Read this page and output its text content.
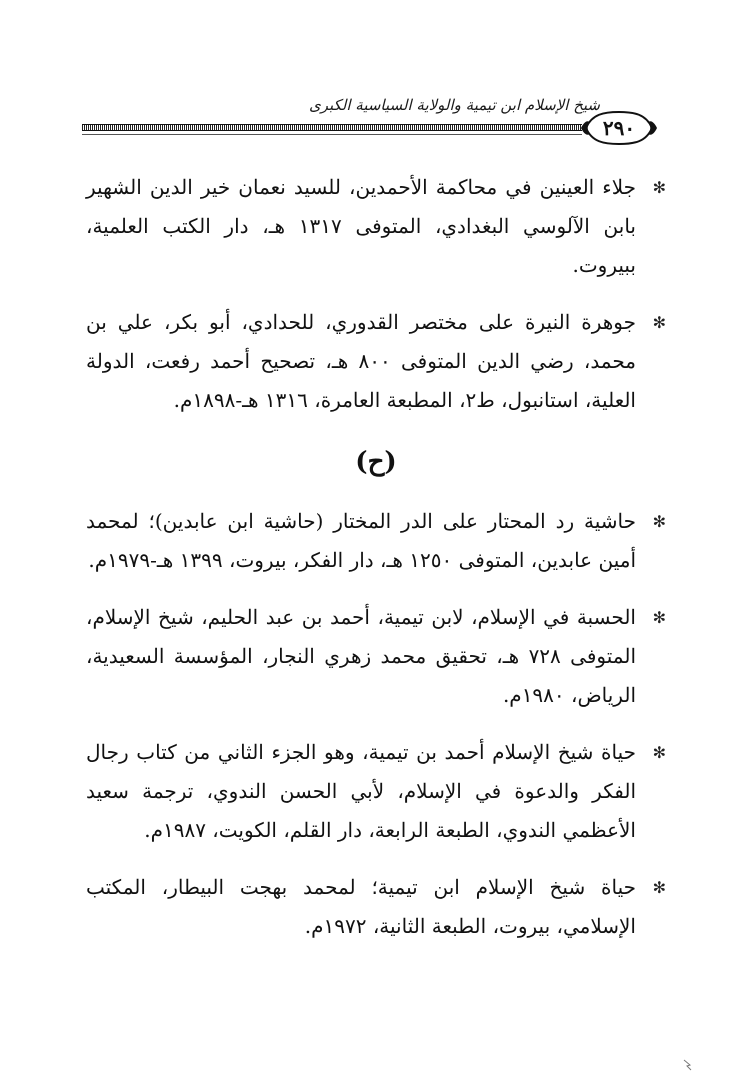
شيخ الإسلام ابن تيمية والولاية السياسية الكبرى
٢٩٠
✻
جلاء العينين في محاكمة الأحمدين، للسيد نعمان خير الدين الشهير بابن الآلوسي البغدادي، المتوفى ١٣١٧ هـ، دار الكتب العلمية، ببيروت.
✻
جوهرة النيرة على مختصر القدوري، للحدادي، أبو بكر، علي بن محمد، رضي الدين المتوفى ٨٠٠ هـ، تصحيح أحمد رفعت، الدولة العلية، استانبول، ط٢، المطبعة العامرة، ١٣١٦ هـ-١٨٩٨م.
(ح)
✻
حاشية رد المحتار على الدر المختار (حاشية ابن عابدين)؛ لمحمد أمين عابدين، المتوفى ١٢٥٠ هـ، دار الفكر، بيروت، ١٣٩٩ هـ-١٩٧٩م.
✻
الحسبة في الإسلام، لابن تيمية، أحمد بن عبد الحليم، شيخ الإسلام، المتوفى ٧٢٨ هـ، تحقيق محمد زهري النجار، المؤسسة السعيدية، الرياض، ١٩٨٠م.
✻
حياة شيخ الإسلام أحمد بن تيمية، وهو الجزء الثاني من كتاب رجال الفكر والدعوة في الإسلام، لأبي الحسن الندوي، ترجمة سعيد الأعظمي الندوي، الطبعة الرابعة، دار القلم، الكويت، ١٩٨٧م.
✻
حياة شيخ الإسلام ابن تيمية؛ لمحمد بهجت البيطار، المكتب الإسلامي، بيروت، الطبعة الثانية، ١٩٧٢م.
